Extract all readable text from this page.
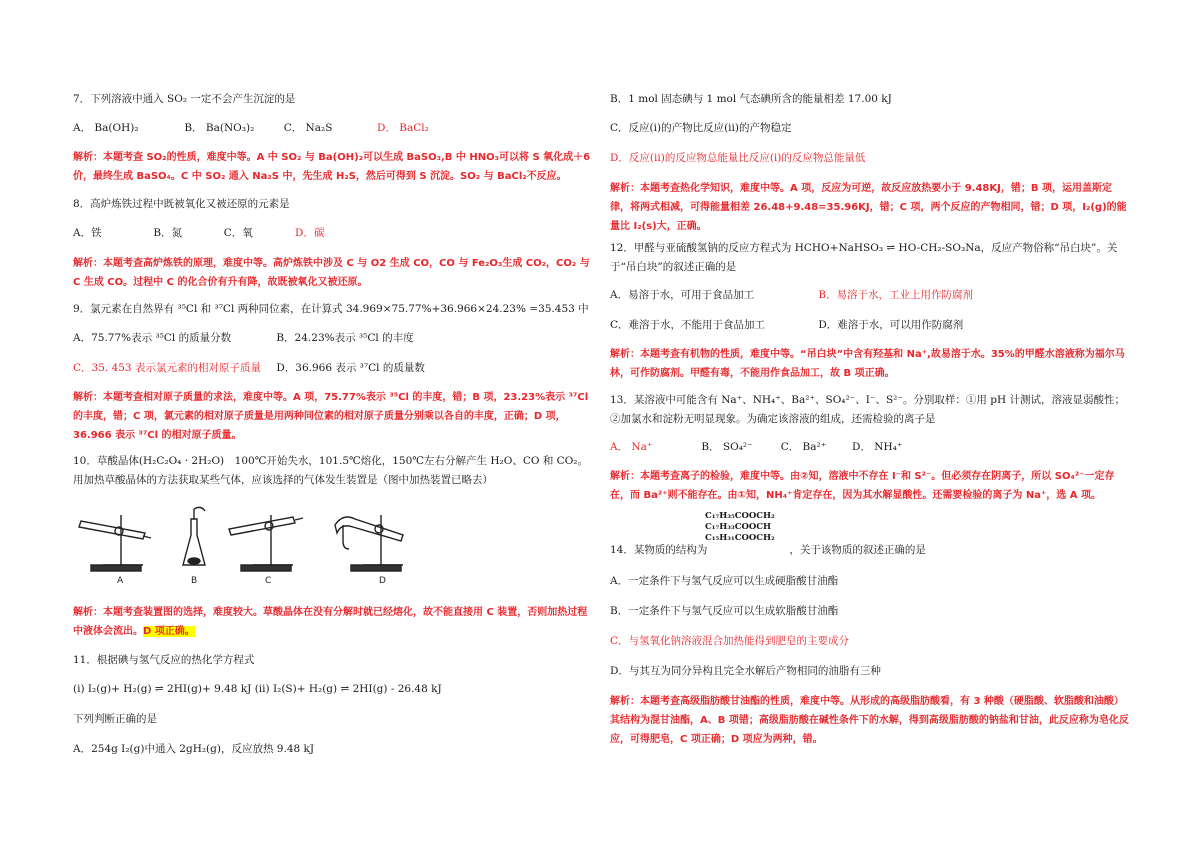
7．下列溶液中通入 SO₂ 一定不会产生沉淀的是
A． Ba(OH)₂	B． Ba(NO₃)₂	C． Na₂S	D． BaCl₂
解析：本题考查 SO₂的性质，难度中等。A 中 SO₂ 与 Ba(OH)₂可以生成 BaSO₃,B 中 HNO₃可以将 S 氧化成＋6 价，最终生成 BaSO₄。C 中 SO₂ 通入 Na₂S 中，先生成 H₂S，然后可得到 S 沉淀。SO₂ 与 BaCl₂不反应。
8．高炉炼铁过程中既被氧化又被还原的元素是
A．铁	B．氮	C．氧	D．碳
解析：本题考查高炉炼铁的原理，难度中等。高炉炼铁中涉及 C 与 O2 生成 CO，CO 与 Fe₂O₃生成 CO₂，CO₂ 与 C 生成 CO。过程中 C 的化合价有升有降，故既被氧化又被还原。
9．氯元素在自然界有 ³⁵Cl 和 ³⁷Cl 两种同位素，在计算式 34.969×75.77%+36.966×24.23% =35.453 中
A．75.77%表示 ³⁵Cl 的质量分数	B．24.23%表示 ³⁵Cl 的丰度
C．35. 453 表示氯元素的相对原子质量 D．36.966 表示 ³⁷Cl 的质量数
解析：本题考查相对原子质量的求法，难度中等。A 项，75.77%表示 ³⁵Cl 的丰度，错；B 项，23.23%表示 ³⁷Cl 的丰度，错；C 项，氯元素的相对原子质量是用两种同位素的相对原子质量分别乘以各自的丰度，正确；D 项，36.966 表示 ³⁷Cl 的相对原子质量。
10．草酸晶体(H₂C₂O₄ · 2H₂O)　100℃开始失水，101.5℃熔化，150℃左右分解产生 H₂O、CO 和 CO₂。用加热草酸晶体的方法获取某些气体，应该选择的气体发生装置是（图中加热装置已略去）
A	B	C	D
解析：本题考查装置图的选择，难度较大。草酸晶体在没有分解时就已经熔化，故不能直接用 C 装置，否则加热过程中液体会流出。D 项正确。
11．根据碘与氢气反应的热化学方程式
(i) I₂(g)+ H₂(g) ⇌ 2HI(g)+ 9.48 kJ (ii) I₂(S)+ H₂(g) ⇌ 2HI(g) - 26.48 kJ
下列判断正确的是
A．254g I₂(g)中通入 2gH₂(g)，反应放热 9.48 kJ
B．1 mol 固态碘与 1 mol 气态碘所含的能量相差 17.00 kJ
C．反应(i)的产物比反应(ii)的产物稳定
D．反应(ii)的反应物总能量比反应(i)的反应物总能量低
解析：本题考查热化学知识，难度中等。A 项，反应为可逆，故反应放热要小于 9.48KJ，错；B 项，运用盖斯定律，将两式相减，可得能量相差 26.48+9.48=35.96KJ，错；C 项，两个反应的产物相同，错；D 项，I₂(g)的能量比 I₂(s)大，正确。
12．甲醛与亚硫酸氢钠的反应方程式为 HCHO+NaHSO₃ ⇌ HO-CH₂-SO₃Na，反应产物俗称“吊白块”。关于“吊白块”的叙述正确的是
A．易溶于水，可用于食品加工	B．易溶于水，工业上用作防腐剂
C．难溶于水，不能用于食品加工	D．难溶于水，可以用作防腐剂
解析：本题考查有机物的性质，难度中等。“吊白块”中含有羟基和 Na⁺,故易溶于水。35%的甲醛水溶液称为福尔马林，可作防腐剂。甲醛有毒，不能用作食品加工，故 B 项正确。
13．某溶液中可能含有 Na⁺、NH₄⁺、Ba²⁺、SO₄²⁻、I⁻、S²⁻。分别取样：①用 pH 计测试，溶液显弱酸性；②加氯水和淀粉无明显现象。为确定该溶液的组成，还需检验的离子是
A． Na⁺	B． SO₄²⁻	C． Ba²⁺ D． NH₄⁺
解析：本题考查离子的检验，难度中等。由②知，溶液中不存在 I⁻和 S²⁻。但必须存在阴离子，所以 SO₄²⁻一定存在，而 Ba²⁺则不能存在。由①知，NH₄⁺肯定存在，因为其水解显酸性。还需要检验的离子为 Na⁺，选 A 项。
C₁₇H₃₅COOCH₂
C₁₇H₃₃COOCH
C₁₅H₃₁COOCH₂
14．某物质的结构为	，关于该物质的叙述正确的是
A．一定条件下与氢气反应可以生成硬脂酸甘油酯
B．一定条件下与氢气反应可以生成软脂酸甘油酯
C．与氢氧化钠溶液混合加热能得到肥皂的主要成分
D．与其互为同分异构且完全水解后产物相同的油脂有三种
解析：本题考查高级脂肪酸甘油酯的性质，难度中等。从形成的高级脂肪酸看，有 3 种酸（硬脂酸、软脂酸和油酸）其结构为混甘油酯，A、B 项错；高级脂肪酸在碱性条件下的水解，得到高级脂肪酸的钠盐和甘油，此反应称为皂化反应，可得肥皂，C 项正确；D 项应为两种，错。
